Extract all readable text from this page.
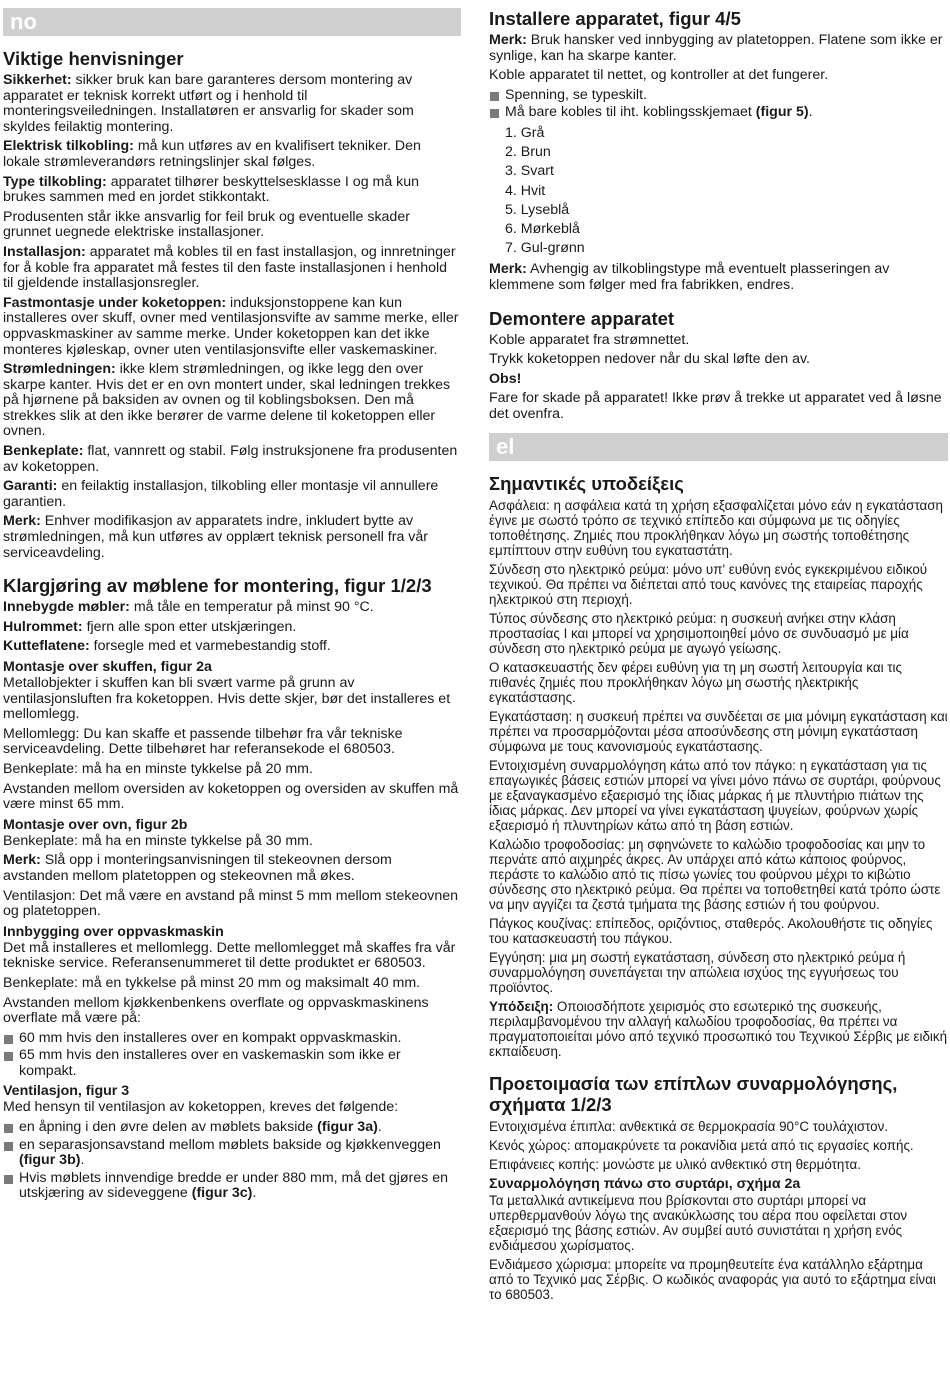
no
Viktige henvisninger

Sikkerhet: sikker bruk kan bare garanteres dersom montering av apparatet er teknisk korrekt utført og i henhold til monteringsveiledningen. Installatøren er ansvarlig for skader som skyldes feilaktig montering.

Elektrisk tilkobling: må kun utføres av en kvalifisert tekniker. Den lokale strømleverandørs retningslinjer skal følges.

Type tilkobling: apparatet tilhører beskyttelsesklasse I og må kun brukes sammen med en jordet stikkontakt.

Produsenten står ikke ansvarlig for feil bruk og eventuelle skader grunnet uegnede elektriske installasjoner.

Installasjon: apparatet må kobles til en fast installasjon, og innretninger for å koble fra apparatet må festes til den faste installasjonen i henhold til gjeldende installasjonsregler.

Fastmontasje under koketoppen: induksjonstoppene kan kun installeres over skuff, ovner med ventilasjonsvifte av samme merke, eller oppvaskmaskiner av samme merke. Under koketoppen kan det ikke monteres kjøleskap, ovner uten ventilasjonsvifte eller vaskemaskiner.

Strømledningen: ikke klem strømledningen, og ikke legg den over skarpe kanter. Hvis det er en ovn montert under, skal ledningen trekkes på hjørnene på baksiden av ovnen og til koblingsboksen. Den må strekkes slik at den ikke berører de varme delene til koketoppen eller ovnen.

Benkeplate: flat, vannrett og stabil. Følg instruksjonene fra produsenten av koketoppen.

Garanti: en feilaktig installasjon, tilkobling eller montasje vil annullere garantien.

Merk: Enhver modifikasjon av apparatets indre, inkludert bytte av strømledningen, må kun utføres av opplært teknisk personell fra vår serviceavdeling.

Klargjøring av møblene for montering, figur 1/2/3

Innebygde møbler: må tåle en temperatur på minst 90 °C.

Hulrommet: fjern alle spon etter utskjæringen.

Kutteflatene: forsegle med et varmebestandig stoff.

Montasje over skuffen, figur 2a

Metallobjekter i skuffen kan bli svært varme på grunn av ventilasjonsluften fra koketoppen. Hvis dette skjer, bør det installeres et mellomlegg.

Mellomlegg: Du kan skaffe et passende tilbehør fra vår tekniske serviceavdeling. Dette tilbehøret har referansekode el 680503.

Benkeplate: må ha en minste tykkelse på 20 mm.

Avstanden mellom oversiden av koketoppen og oversiden av skuffen må være minst 65 mm.

Montasje over ovn, figur 2b

Benkeplate: må ha en minste tykkelse på 30 mm.

Merk: Slå opp i monteringsanvisningen til stekeovnen dersom avstanden mellom platetoppen og stekeovnen må økes.

Ventilasjon: Det må være en avstand på minst 5 mm mellom stekeovnen og platetoppen.

Innbygging over oppvaskmaskin

Det må installeres et mellomlegg. Dette mellomlegget må skaffes fra vår tekniske service. Referansenummeret til dette produktet er 680503.

Benkeplate: må en tykkelse på minst 20 mm og maksimalt 40 mm.

Avstanden mellom kjøkkenbenkens overflate og oppvaskmaskinens overflate må være på:

60 mm hvis den installeres over en kompakt oppvaskmaskin.
65 mm hvis den installeres over en vaskemaskin som ikke er kompakt.
Ventilasjon, figur 3

Med hensyn til ventilasjon av koketoppen, kreves det følgende:

en åpning i den øvre delen av møblets bakside (figur 3a).
en separasjonsavstand mellom møblets bakside og kjøkkenveggen (figur 3b).
Hvis møblets innvendige bredde er under 880 mm, må det gjøres en utskjæring av sideveggene (figur 3c).
Installere apparatet, figur 4/5

Merk: Bruk hansker ved innbygging av platetoppen. Flatene som ikke er synlige, kan ha skarpe kanter.

Koble apparatet til nettet, og kontroller at det fungerer.

Spenning, se typeskilt.
Må bare kobles til iht. koblingsskjemaet (figur 5).
1. Grå
2. Brun
3. Svart
4. Hvit
5. Lyseblå
6. Mørkeblå
7. Gul-grønn

Merk: Avhengig av tilkoblingstype må eventuelt plasseringen av klemmene som følger med fra fabrikken, endres.

Demontere apparatet

Koble apparatet fra strømnettet.

Trykk koketoppen nedover når du skal løfte den av.

Obs!

Fare for skade på apparatet! Ikke prøv å trekke ut apparatet ved å løsne det ovenfra.

el
Σημαντικές υποδείξεις

Ασφάλεια: η ασφάλεια κατά τη χρήση εξασφαλίζεται μόνο εάν η εγκατάσταση έγινε με σωστό τρόπο σε τεχνικό επίπεδο και σύμφωνα με τις οδηγίες τοποθέτησης. Ζημιές που προκλήθηκαν λόγω μη σωστής τοποθέτησης εμπίπτουν στην ευθύνη του εγκαταστάτη.

Σύνδεση στο ηλεκτρικό ρεύμα: μόνο υπ' ευθύνη ενός εγκεκριμένου ειδικού τεχνικού. Θα πρέπει να διέπεται από τους κανόνες της εταιρείας παροχής ηλεκτρικού στη περιοχή.

Τύπος σύνδεσης στο ηλεκτρικό ρεύμα: η συσκευή ανήκει στην κλάση προστασίας I και μπορεί να χρησιμοποιηθεί μόνο σε συνδυασμό με μία σύνδεση στο ηλεκτρικό ρεύμα με αγωγό γείωσης.

Ο κατασκευαστής δεν φέρει ευθύνη για τη μη σωστή λειτουργία και τις πιθανές ζημιές που προκλήθηκαν λόγω μη σωστής ηλεκτρικής εγκατάστασης.

Εγκατάσταση: η συσκευή πρέπει να συνδέεται σε μια μόνιμη εγκατάσταση και πρέπει να προσαρμόζονται μέσα αποσύνδεσης στη μόνιμη εγκατάσταση σύμφωνα με τους κανονισμούς εγκατάστασης.

Εντοιχισμένη συναρμολόγηση κάτω από τον πάγκο: η εγκατάσταση για τις επαγωγικές βάσεις εστιών μπορεί να γίνει μόνο πάνω σε συρτάρι, φούρνους με εξαναγκασμένο εξαερισμό της ίδιας μάρκας ή με πλυντήριο πιάτων της ίδιας μάρκας. Δεν μπορεί να γίνει εγκατάσταση ψυγείων, φούρνων χωρίς εξαερισμό ή πλυντηρίων κάτω από τη βάση εστιών.

Καλώδιο τροφοδοσίας: μη σφηνώνετε το καλώδιο τροφοδοσίας και μην το περνάτε από αιχμηρές άκρες. Αν υπάρχει από κάτω κάποιος φούρνος, περάστε το καλώδιο από τις πίσω γωνίες του φούρνου μέχρι το κιβώτιο σύνδεσης στο ηλεκτρικό ρεύμα. Θα πρέπει να τοποθετηθεί κατά τρόπο ώστε να μην αγγίζει τα ζεστά τμήματα της βάσης εστιών ή του φούρνου.

Πάγκος κουζίνας: επίπεδος, οριζόντιος, σταθερός. Ακολουθήστε τις οδηγίες του κατασκευαστή του πάγκου.

Εγγύηση: μια μη σωστή εγκατάσταση, σύνδεση στο ηλεκτρικό ρεύμα ή συναρμολόγηση συνεπάγεται την απώλεια ισχύος της εγγυήσεως του προϊόντος.

Υπόδειξη: Οποιοσδήποτε χειρισμός στο εσωτερικό της συσκευής, περιλαμβανομένου την αλλαγή καλωδίου τροφοδοσίας, θα πρέπει να πραγματοποιείται μόνο από τεχνικό προσωπικό του Τεχνικού Σέρβις με ειδική εκπαίδευση.

Προετοιμασία των επίπλων συναρμολόγησης, σχήματα 1/2/3

Εντοιχισμένα έπιπλα: ανθεκτικά σε θερμοκρασία 90°C τουλάχιστον.

Κενός χώρος: απομακρύνετε τα ροκανίδια μετά από τις εργασίες κοπής.

Επιφάνειες κοπής: μονώστε με υλικό ανθεκτικό στη θερμότητα.

Συναρμολόγηση πάνω στο συρτάρι, σχήμα 2a

Τα μεταλλικά αντικείμενα που βρίσκονται στο συρτάρι μπορεί να υπερθερμανθούν λόγω της ανακύκλωσης του αέρα που οφείλεται στον εξαερισμό της βάσης εστιών. Αν συμβεί αυτό συνιστάται η χρήση ενός ενδιάμεσου χωρίσματος.

Ενδιάμεσο χώρισμα: μπορείτε να προμηθευτείτε ένα κατάλληλο εξάρτημα από το Τεχνικό μας Σέρβις. Ο κωδικός αναφοράς για αυτό το εξάρτημα είναι το 680503.
